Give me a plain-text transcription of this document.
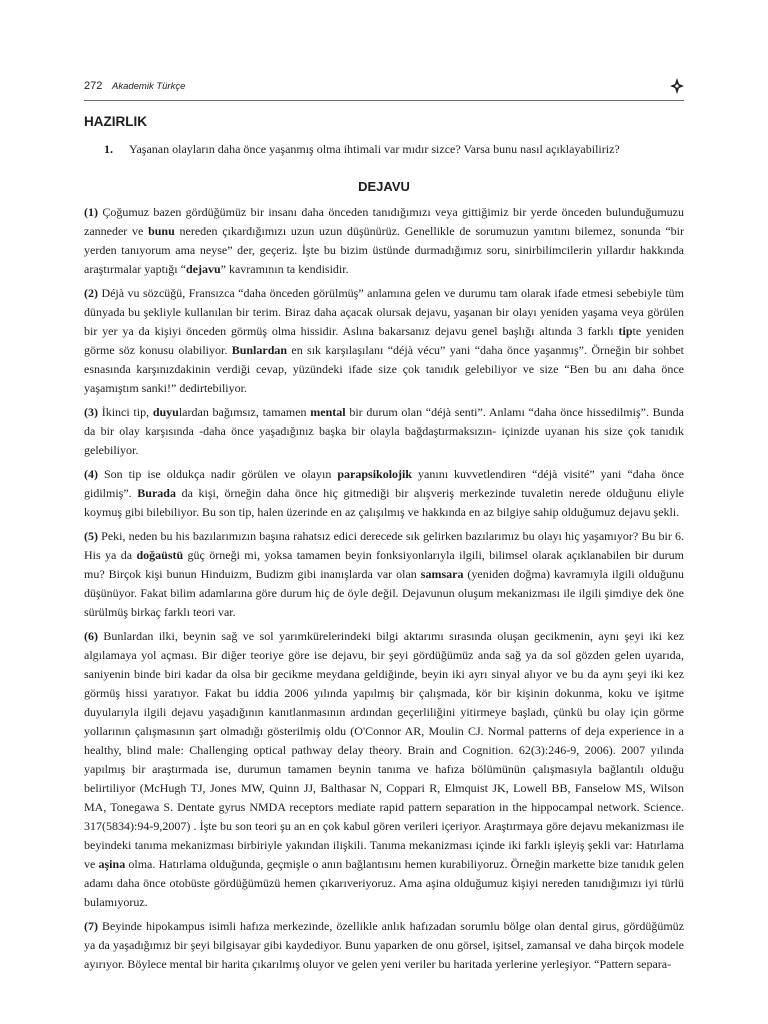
272 Akademik Türkçe
HAZIRLIK
1. Yaşanan olayların daha önce yaşanmış olma ihtimali var mıdır sizce? Varsa bunu nasıl açıklayabiliriz?
DEJAVU

(1) Çoğumuz bazen gördüğümüz bir insanı daha önceden tanıdığımızı veya gittiğimiz bir yerde önceden bulunduğumuzu zanneder ve bunu nereden çıkardığımızı uzun uzun düşünürüz. Genellikle de sorumuzun yanıtını bilemez, sonunda “bir yerden tanıyorum ama neyse” der, geçeriz. İşte bu bizim üstünde durmadığımız soru, sinirbilimcilerin yıllardır hakkında araştırmalar yaptığı “dejavu” kavramının ta kendisidir.

(2) Déjà vu sözcüğü, Fransızca “daha önceden görülmüş” anlamına gelen ve durumu tam olarak ifade etmesi sebebiyle tüm dünyada bu şekliyle kullanılan bir terim. Biraz daha açacak olursak dejavu, yaşanan bir olayı yeniden yaşama veya görülen bir yer ya da kişiyi önceden görmüş olma hissidir. Aslına bakarsanız dejavu genel başlığı altında 3 farklı tipte yeniden görme söz konusu olabiliyor. Bunlardan en sık karşılaşılanı “déjà vécu” yani “daha önce yaşanmış”. Örneğin bir sohbet esnasında karşınızdakinin verdiği cevap, yüzündeki ifade size çok tanıdık gelebiliyor ve size “Ben bu anı daha önce yaşamıştım sanki!” dedirtebiliyor.

(3) İkinci tip, duyulardan bağımsız, tamamen mental bir durum olan “déjà senti”. Anlamı “daha önce hissedilmiş”. Bunda da bir olay karşısında -daha önce yaşadığınız başka bir olayla bağdaştırmaksızın- içinizde uyanan his size çok tanıdık gelebiliyor.

(4) Son tip ise oldukça nadir görülen ve olayın parapsikolojik yanını kuvvetlendiren “déjà visité” yani “daha önce gidilmiş”. Burada da kişi, örneğin daha önce hiç gitmediği bir alışveriş merkezinde tuvaletin nerede olduğunu eliyle koymuş gibi bilebiliyor. Bu son tip, halen üzerinde en az çalışılmış ve hakkında en az bilgiye sahip olduğumuz dejavu şekli.

(5) Peki, neden bu his bazılarımızın başına rahatsız edici derecede sık gelirken bazılarımız bu olayı hiç yaşamıyor? Bu bir 6. His ya da doğaüstü güç örneği mi, yoksa tamamen beyin fonksiyonlarıyla ilgili, bilimsel olarak açıklanabilen bir durum mu? Birçok kişi bunun Hinduizm, Budizm gibi inanışlarda var olan samsara (yeniden doğma) kavramıyla ilgili olduğunu düşünüyor. Fakat bilim adamlarına göre durum hiç de öyle değil. Dejavunun oluşum mekanizması ile ilgili şimdiye dek öne sürülmüş birkaç farklı teori var.

(6) Bunlardan ilki, beynin sağ ve sol yarımkürelerindeki bilgi aktarımı sırasında oluşan gecikmenin, aynı şeyi iki kez algılamaya yol açması. Bir diğer teoriye göre ise dejavu, bir şeyi gördüğümüz anda sağ ya da sol gözden gelen uyarıda, saniyenin binde biri kadar da olsa bir gecikme meydana geldiğinde, beyin iki ayrı sinyal alıyor ve bu da aynı şeyi iki kez görmüş hissi yaratıyor. Fakat bu iddia 2006 yılında yapılmış bir çalışmada, kör bir kişinin dokunma, koku ve işitme duyularıyla ilgili dejavu yaşadığının kanıtlanmasının ardından geçerliliğini yitirmeye başladı, çünkü bu olay için görme yollarının çalışmasının şart olmadığı gösterilmiş oldu (O'Connor AR, Moulin CJ. Normal patterns of deja experience in a healthy, blind male: Challenging optical pathway delay theory. Brain and Cognition. 62(3):246-9, 2006). 2007 yılında yapılmış bir araştırmada ise, durumun tamamen beynin tanıma ve hafıza bölümünün çalışmasıyla bağlantılı olduğu belirtiliyor (McHugh TJ, Jones MW, Quinn JJ, Balthasar N, Coppari R, Elmquist JK, Lowell BB, Fanselow MS, Wilson MA, Tonegawa S. Dentate gyrus NMDA receptors mediate rapid pattern separation in the hippocampal network. Science. 317(5834):94-9,2007) . İşte bu son teori şu an en çok kabul gören verileri içeriyor. Araştırmaya göre dejavu mekanizması ile beyindeki tanıma mekanizması birbiriyle yakından ilişkili. Tanıma mekanizması içinde iki farklı işleyiş şekli var: Hatırlama ve aşina olma. Hatırlama olduğunda, geçmişle o anın bağlantısını hemen kurabiliyoruz. Örneğin markette bize tanıdık gelen adamı daha önce otobüste gördüğümüzü hemen çıkarıveriyoruz. Ama aşina olduğumuz kişiyi nereden tanıdığımızı iyi türlü bulamıyoruz.

(7) Beyinde hipokampus isimli hafıza merkezinde, özellikle anlık hafızadan sorumlu bölge olan dental girus, gördüğümüz ya da yaşadığımız bir şeyi bilgisayar gibi kaydediyor. Bunu yaparken de onu görsel, işitsel, zamansal ve daha birçok modele ayırıyor. Böylece mental bir harita çıkarılmış oluyor ve gelen yeni veriler bu haritada yerlerine yerleşiyor. “Pattern separa-
